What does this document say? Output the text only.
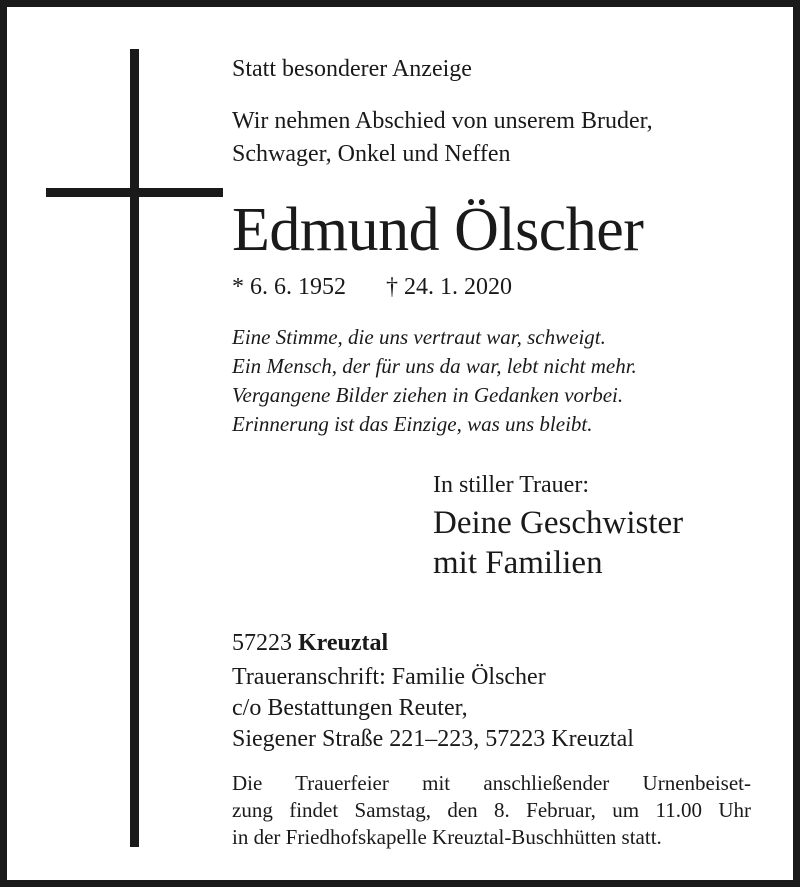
Statt besonderer Anzeige
Wir nehmen Abschied von unserem Bruder,
Schwager, Onkel und Neffen
Edmund Ölscher
* 6. 6. 1952 † 24. 1. 2020
Eine Stimme, die uns vertraut war, schweigt.
Ein Mensch, der für uns da war, lebt nicht mehr.
Vergangene Bilder ziehen in Gedanken vorbei.
Erinnerung ist das Einzige, was uns bleibt.
In stiller Trauer:
Deine Geschwister
mit Familien
57223 Kreuztal
Traueranschrift: Familie Ölscher
c/o Bestattungen Reuter,
Siegener Straße 221–223, 57223 Kreuztal
Die Trauerfeier mit anschließender Urnenbeiset-
zung findet Samstag, den 8. Februar, um 11.00 Uhr
in der Friedhofskapelle Kreuztal-Buschhütten statt.
